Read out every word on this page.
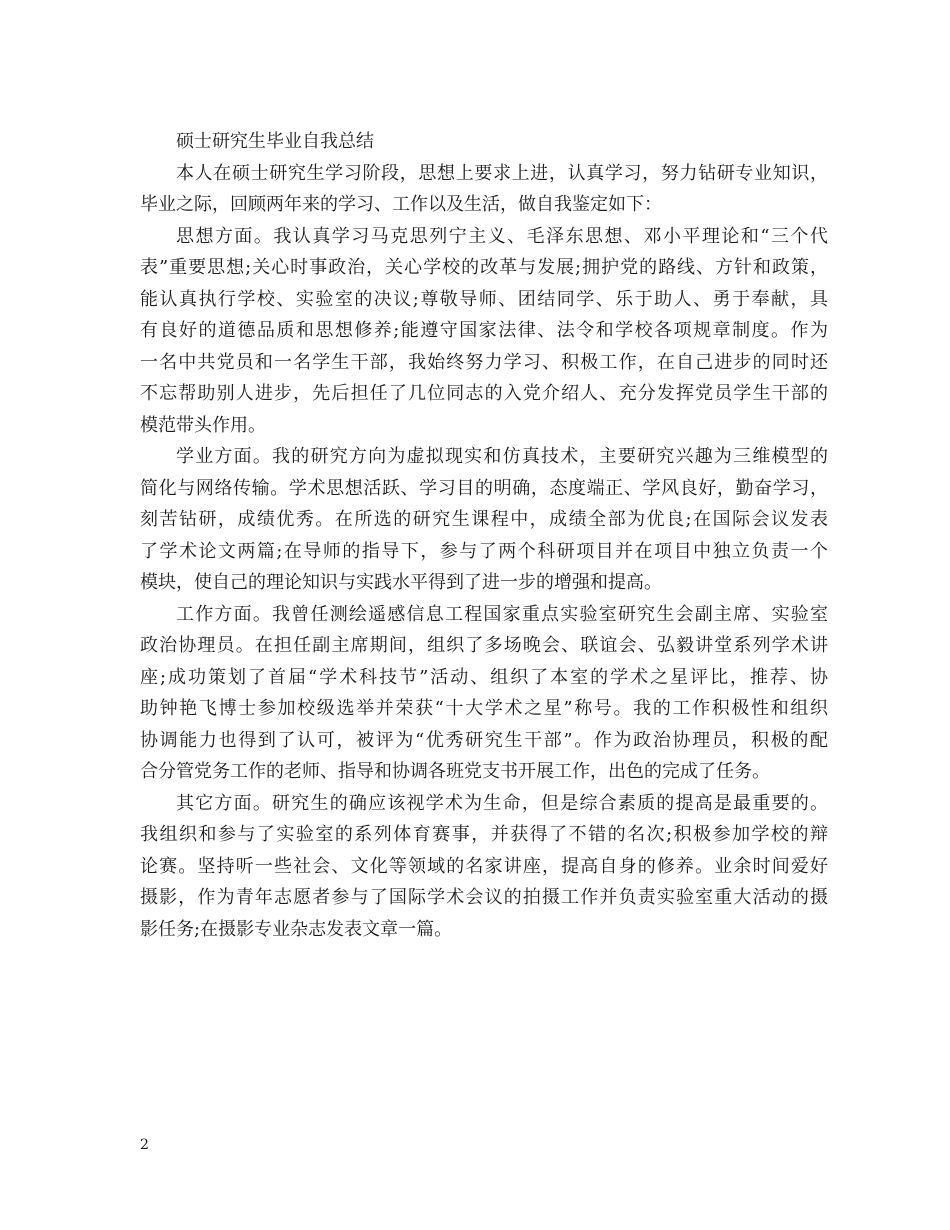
硕士研究生毕业自我总结
本人在硕士研究生学习阶段，思想上要求上进，认真学习，努力钻研专业知识，
毕业之际，回顾两年来的学习、工作以及生活，做自我鉴定如下：
思想方面。我认真学习马克思列宁主义、毛泽东思想、邓小平理论和“三个代
表”重要思想;关心时事政治，关心学校的改革与发展;拥护党的路线、方针和政策，
能认真执行学校、实验室的决议;尊敬导师、团结同学、乐于助人、勇于奉献，具
有良好的道德品质和思想修养;能遵守国家法律、法令和学校各项规章制度。作为
一名中共党员和一名学生干部，我始终努力学习、积极工作，在自己进步的同时还
不忘帮助别人进步，先后担任了几位同志的入党介绍人、充分发挥党员学生干部的
模范带头作用。
学业方面。我的研究方向为虚拟现实和仿真技术，主要研究兴趣为三维模型的
简化与网络传输。学术思想活跃、学习目的明确，态度端正、学风良好，勤奋学习，
刻苦钻研，成绩优秀。在所选的研究生课程中，成绩全部为优良;在国际会议发表
了学术论文两篇;在导师的指导下，参与了两个科研项目并在项目中独立负责一个
模块，使自己的理论知识与实践水平得到了进一步的增强和提高。
工作方面。我曾任测绘遥感信息工程国家重点实验室研究生会副主席、实验室
政治协理员。在担任副主席期间，组织了多场晚会、联谊会、弘毅讲堂系列学术讲
座;成功策划了首届“学术科技节”活动、组织了本室的学术之星评比，推荐、协
助钟艳飞博士参加校级选举并荣获“十大学术之星”称号。我的工作积极性和组织
协调能力也得到了认可，被评为“优秀研究生干部”。作为政治协理员，积极的配
合分管党务工作的老师、指导和协调各班党支书开展工作，出色的完成了任务。
其它方面。研究生的确应该视学术为生命，但是综合素质的提高是最重要的。
我组织和参与了实验室的系列体育赛事，并获得了不错的名次;积极参加学校的辩
论赛。坚持听一些社会、文化等领域的名家讲座，提高自身的修养。业余时间爱好
摄影，作为青年志愿者参与了国际学术会议的拍摄工作并负责实验室重大活动的摄
影任务;在摄影专业杂志发表文章一篇。
2
